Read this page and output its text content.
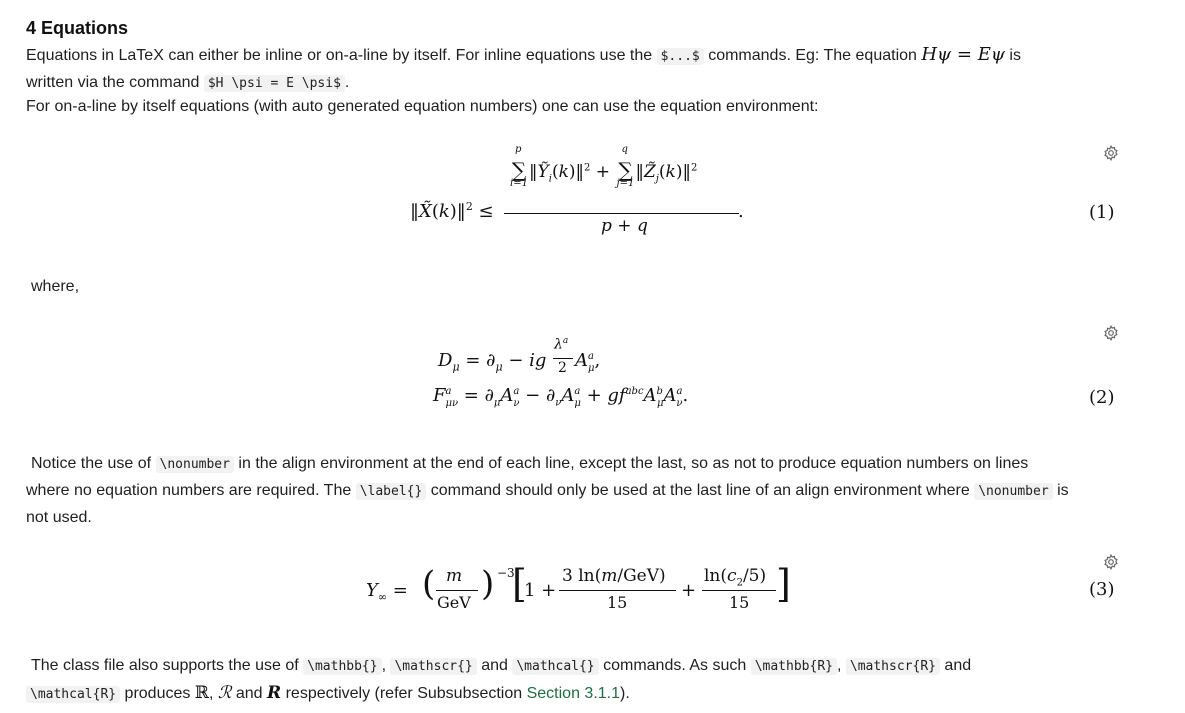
4 Equations
Equations in LaTeX can either be inline or on-a-line by itself. For inline equations use the $...$ commands. Eg: The equation Hψ = Eψ is
written via the command $H \psi = E \psi$ .
For on-a-line by itself equations (with auto generated equation numbers) one can use the equation environment:
‖X̃(k)‖$^2$ ≤
p
∑
i=1
‖Ỹ$_i$(k)‖$^2$ +
q
∑
j=1
$‖Z̃_j(k)‖^2$
.
p + q
(1)
where,
$D_\mu = \partial_\mu$ − ig
$\lambda^a$
2 $A^a_\mu$,
$F^a_{\mu\nu} = \partial_\mu A^a_\nu - \partial_\nu A^a_\mu + gf^{abc}A^b_\mu A^a_\nu$.	(2)
Notice the use of \nonumber in the align environment at the end of each line, except the last, so as not to produce equation numbers on lines
where no equation numbers are required. The \label{} command should only be used at the last line of an align environment where \nonumber is
not used.
$Y_\infty$ = ( m
GeV ) −3
[
1 +
3 ln(m/GeV)
15
+
$\ln(c_2/5)$
15 ]	(3)
The class file also supports the use of \mathbb{} , \mathscr{} and \mathcal{} commands. As such \mathbb{R} , \mathscr{R} and
\mathcal{R} produces ℝ, ℛ and R respectively (refer Subsubsection Section 3.1.1).
